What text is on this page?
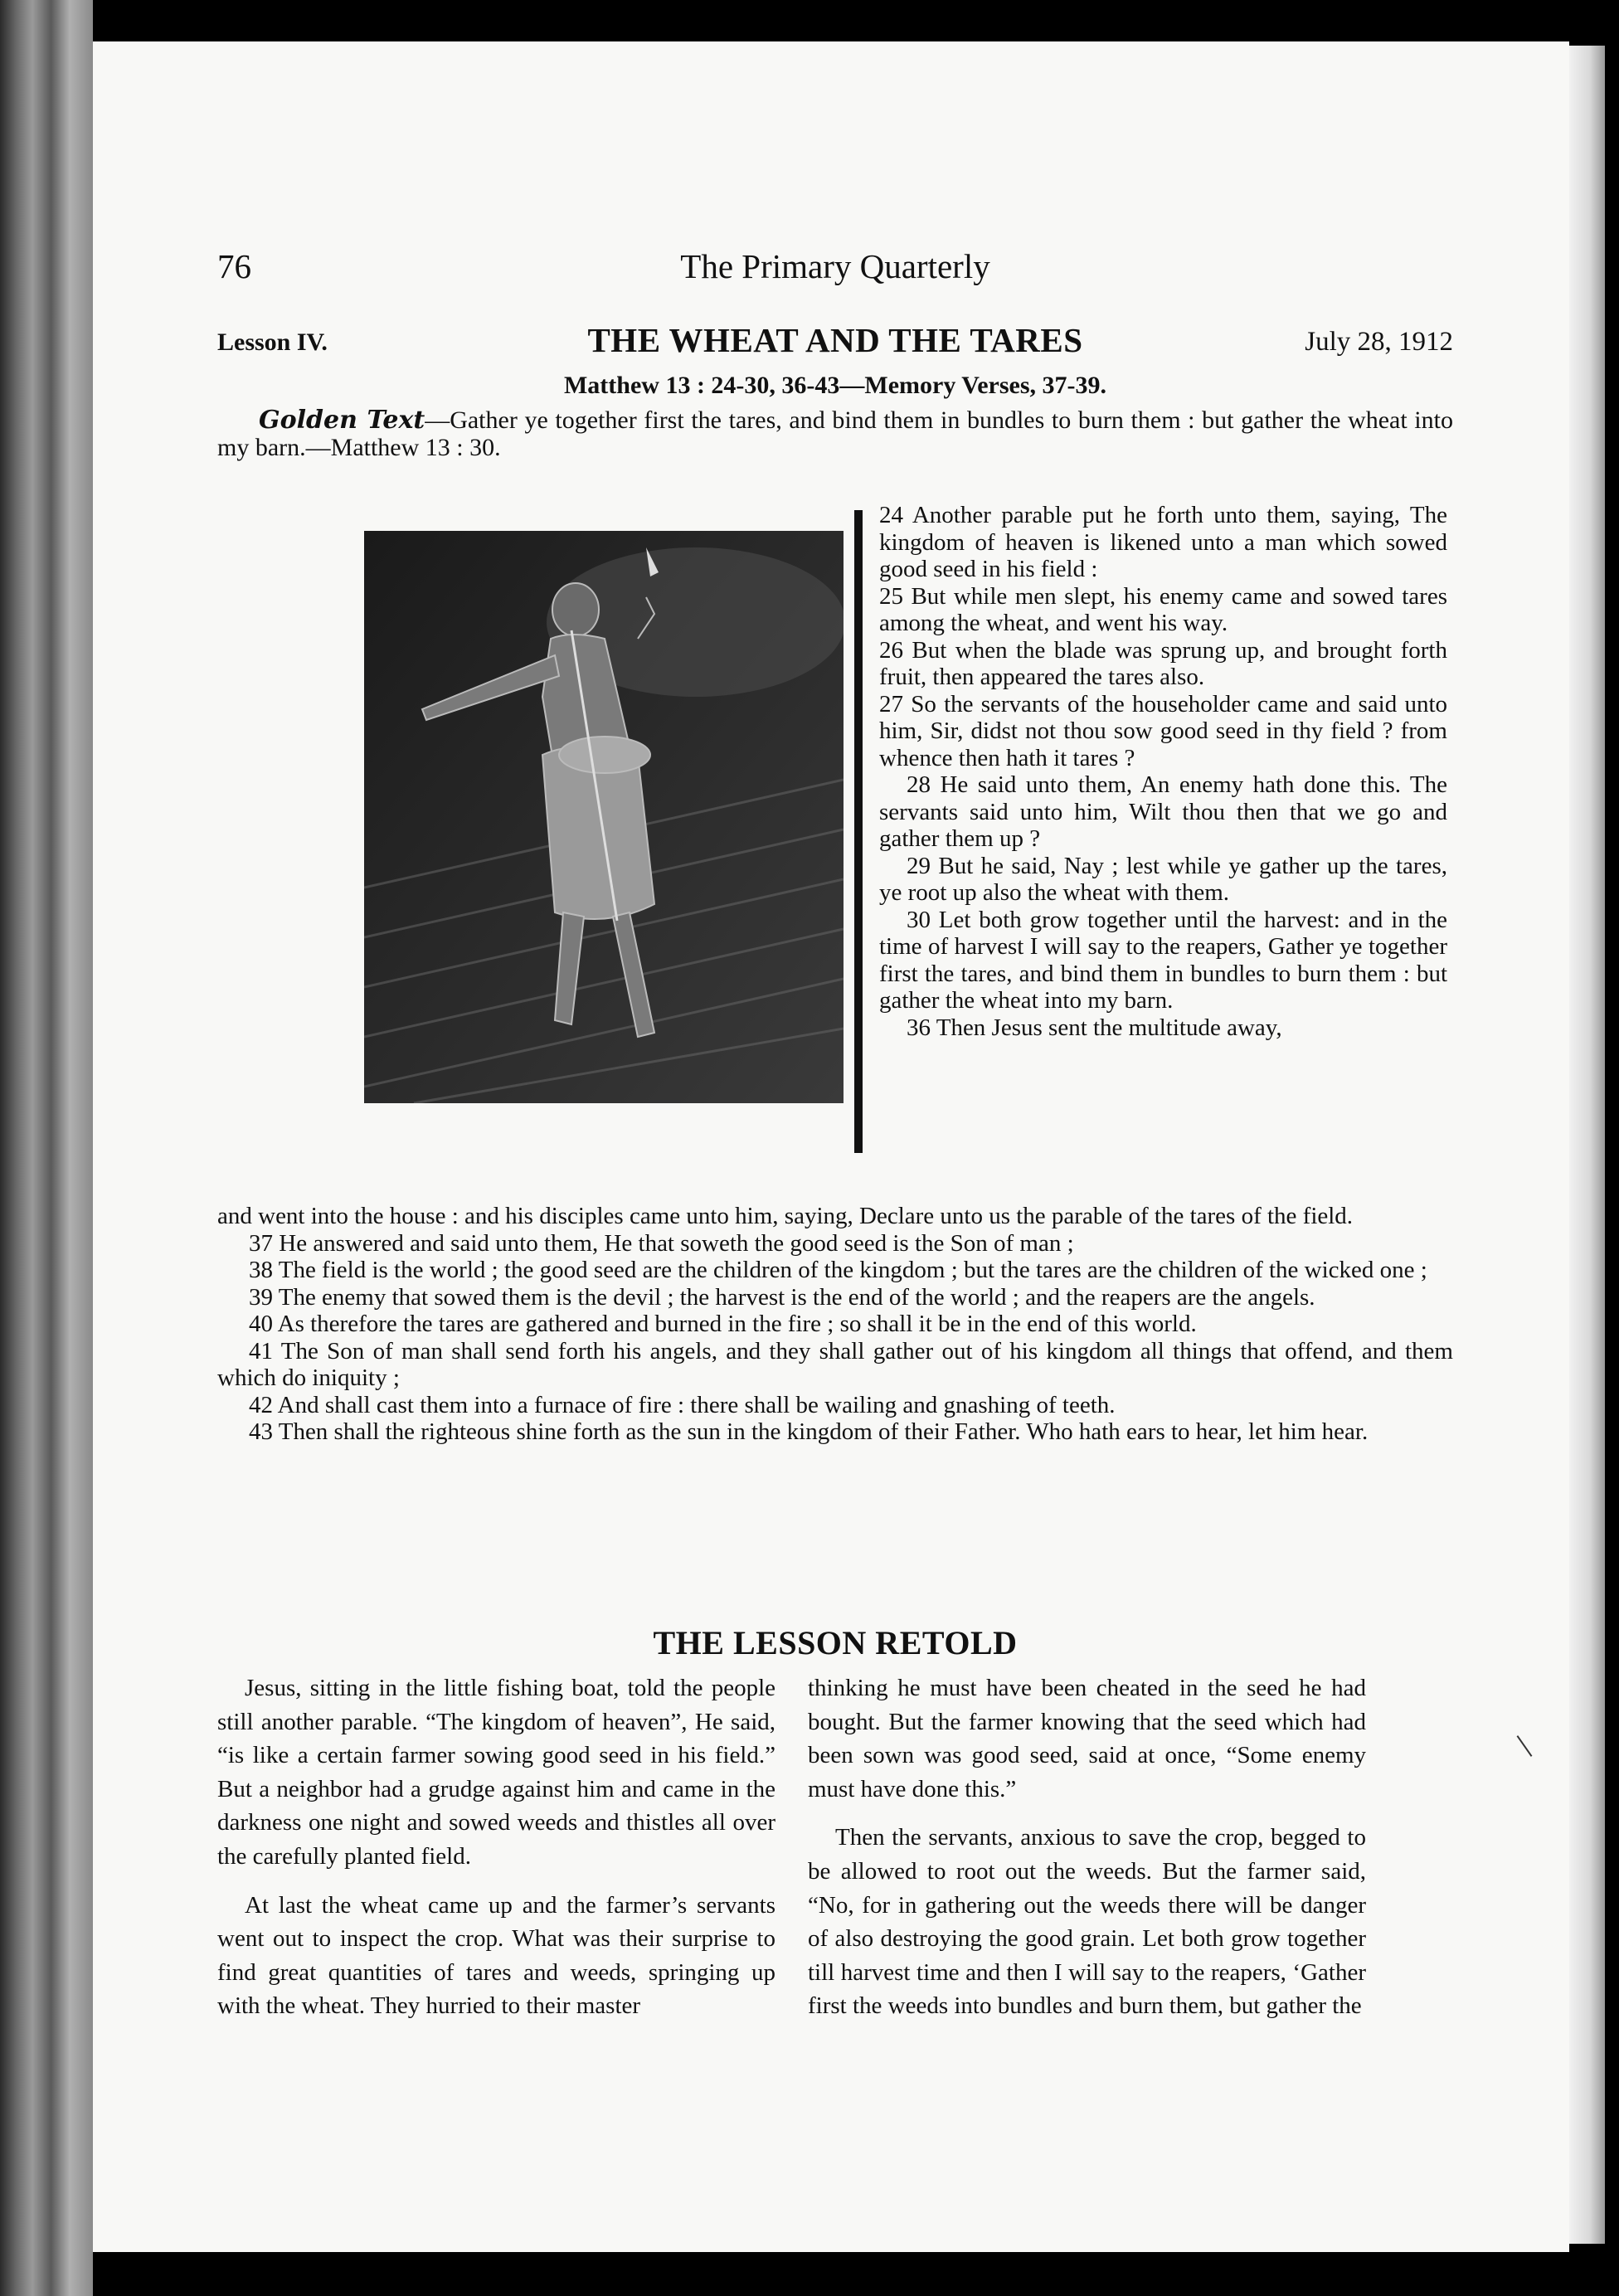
76	The Primary Quarterly
Lesson IV.	THE WHEAT AND THE TARES	July 28, 1912
Matthew 13 : 24-30, 36-43—Memory Verses, 37-39.
Golden Text—Gather ye together first the tares, and bind them in bundles to burn them : but gather the wheat into my barn.—Matthew 13 : 30.

24 Another parable put he forth unto them, saying, The kingdom of heaven is likened unto a man which sowed good seed in his field :

25 But while men slept, his enemy came and sowed tares among the wheat, and went his way.

26 But when the blade was sprung up, and brought forth fruit, then appeared the tares also.

27 So the servants of the householder came and said unto him, Sir, didst not thou sow good seed in thy field ? from whence then hath it tares ?

28 He said unto them, An enemy hath done this. The servants said unto him, Wilt thou then that we go and gather them up ?

29 But he said, Nay ; lest while ye gather up the tares, ye root up also the wheat with them.

30 Let both grow together until the harvest: and in the time of harvest I will say to the reapers, Gather ye together first the tares, and bind them in bundles to burn them : but gather the wheat into my barn.

36 Then Jesus sent the multitude away,

and went into the house : and his disciples came unto him, saying, Declare unto us the parable of the tares of the field.

37 He answered and said unto them, He that soweth the good seed is the Son of man ;

38 The field is the world ; the good seed are the children of the kingdom ; but the tares are the children of the wicked one ;

39 The enemy that sowed them is the devil ; the harvest is the end of the world ; and the reapers are the angels.

40 As therefore the tares are gathered and burned in the fire ; so shall it be in the end of this world.

41 The Son of man shall send forth his angels, and they shall gather out of his kingdom all things that offend, and them which do iniquity ;

42 And shall cast them into a furnace of fire : there shall be wailing and gnashing of teeth.

43 Then shall the righteous shine forth as the sun in the kingdom of their Father. Who hath ears to hear, let him hear.

THE LESSON RETOLD

Jesus, sitting in the little fishing boat, told the people still another parable. “The kingdom of heaven”, He said, “is like a certain farmer sowing good seed in his field.” But a neighbor had a grudge against him and came in the darkness one night and sowed weeds and thistles all over the carefully planted field.

At last the wheat came up and the farmer’s servants went out to inspect the crop. What was their surprise to find great quantities of tares and weeds, springing up with the wheat. They hurried to their master

thinking he must have been cheated in the seed he had bought. But the farmer knowing that the seed which had been sown was good seed, said at once, “Some enemy must have done this.”

Then the servants, anxious to save the crop, begged to be allowed to root out the weeds. But the farmer said, “No, for in gathering out the weeds there will be danger of also destroying the good grain. Let both grow together till harvest time and then I will say to the reapers, ‘Gather first the weeds into bundles and burn them, but gather the
